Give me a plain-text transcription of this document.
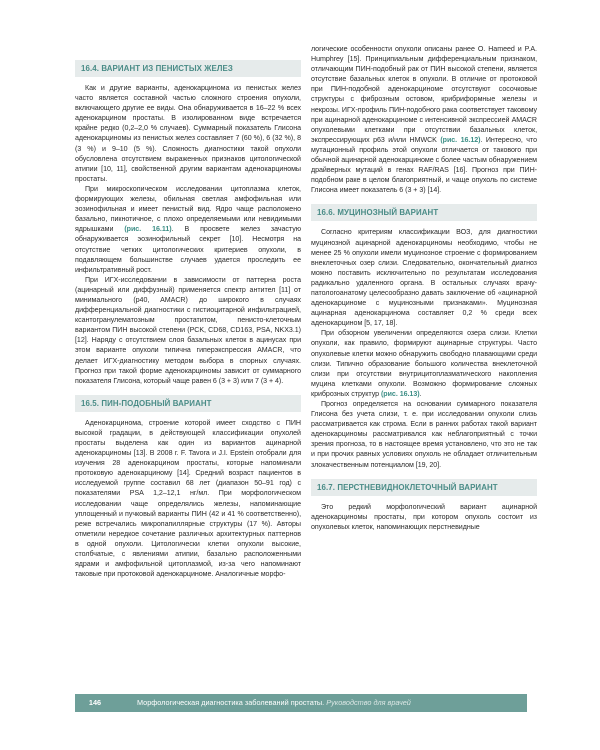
16.4. ВАРИАНТ ИЗ ПЕНИСТЫХ ЖЕЛЕЗ

Как и другие варианты, аденокарцинома из пенистых желез часто является составной частью сложного строения опухоли, включающего другие ее виды. Она обнаруживается в 16–22 % всех аденокарцином простаты. В изолированном виде встречается крайне редко (0,2–2,0 % случаев). Суммарный показатель Глисона аденокарциномы из пенистых желез составляет 7 (60 %), 6 (32 %), 8 (3 %) и 9–10 (5 %). Сложность диагностики такой опухоли обусловлена отсутствием выраженных признаков цитологической атипии [10, 11], свойственной другим вариантам аденокарциномы простаты.

При микроскопическом исследовании цитоплазма клеток, формирующих железы, обильная светлая амфофильная или эозинофильная и имеет пенистый вид. Ядро чаще расположено базально, пикнотичное, с плохо определяемыми или невидимыми ядрышками (рис. 16.11). В просвете желез зачастую обнаруживается эозинофильный секрет [10]. Несмотря на отсутствие четких цитологических критериев опухоли, в подавляющем большинстве случаев удается проследить ее инфильтративный рост.

При ИГХ-исследовании в зависимости от паттерна роста (ацинарный или диффузный) применяется спектр антител [11] от минимального (p40, AMACR) до широкого в случаях дифференциальной диагностики с гистиоцитарной инфильтрацией, ксантогранулематозным простатитом, пенисто-клеточным вариантом ПИН высокой степени (PCK, CD68, CD163, PSA, NKX3.1) [12]. Наряду с отсутствием слоя базальных клеток в ацинусах при этом варианте опухоли типична гиперэкспрессия AMACR, что делает ИГХ-диагностику методом выбора в спорных случаях. Прогноз при такой форме аденокарциномы зависит от суммарного показателя Глисона, который чаще равен 6 (3 + 3) или 7 (3 + 4).

16.5. ПИН-ПОДОБНЫЙ ВАРИАНТ

Аденокарцинома, строение которой имеет сходство с ПИН высокой градации, в действующей классификации опухолей простаты выделена как один из вариантов ацинарной аденокарциномы [13]. В 2008 г. F. Tavora и J.I. Epstein отобрали для изучения 28 аденокарцином простаты, которые напоминали протоковую аденокарциному [14]. Средний возраст пациентов в исследуемой группе составил 68 лет (диапазон 50–91 год) с показателями PSA 1,2–12,1 нг/мл. При морфологическом исследовании чаще определялись железы, напоминающие уплощенный и пучковый варианты ПИН (42 и 41 % соответственно), реже встречались микропапиллярные структуры (17 %). Авторы отметили нередкое сочетание различных архитектурных паттернов в одной опухоли. Цитологически клетки опухоли высокие, столбчатые, с явлениями атипии, базально расположенными ядрами и амфофильной цитоплазмой, из-за чего напоминают таковые при протоковой аденокарциноме. Аналогичные морфо-

логические особенности опухоли описаны ранее O. Hameed и P.A. Humphrey [15]. Принципиальным дифференциальным признаком, отличающим ПИН-подобный рак от ПИН высокой степени, является отсутствие базальных клеток в опухоли. В отличие от протоковой при ПИН-подобной аденокарциноме отсутствуют сосочковые структуры с фиброзным остовом, крибриформные железы и некрозы. ИГХ-профиль ПИН-подобного рака соответствует таковому при ацинарной аденокарциноме с интенсивной экспрессией AMACR опухолевыми клетками при отсутствии базальных клеток, экспрессирующих p63 и/или HMWCK (рис. 16.12). Интересно, что мутационный профиль этой опухоли отличается от такового при обычной ацинарной аденокарциноме с более частым обнаружением драйверных мутаций в генах RAF/RAS [16]. Прогноз при ПИН-подобном раке в целом благоприятный, и чаще опухоль по системе Глисона имеет показатель 6 (3 + 3) [14].

16.6. МУЦИНОЗНЫЙ ВАРИАНТ

Согласно критериям классификации ВОЗ, для диагностики муцинозной ацинарной аденокарциномы необходимо, чтобы не менее 25 % опухоли имели муцинозное строение с формированием внеклеточных озер слизи. Следовательно, окончательный диагноз можно поставить исключительно по результатам исследования радикально удаленного органа. В остальных случаях врачу-патологоанатому целесообразно давать заключение об «ацинарной аденокарциноме с муцинозными признаками». Муцинозная ацинарная аденокарцинома составляет 0,2 % среди всех аденокарцином [5, 17, 18].

При обзорном увеличении определяются озера слизи. Клетки опухоли, как правило, формируют ацинарные структуры. Часто опухолевые клетки можно обнаружить свободно плавающими среди слизи. Типично образование большого количества внеклеточной слизи при отсутствии внутрицитоплазматического накопления муцина клетками опухоли. Возможно формирование сложных криброзных структур (рис. 16.13).

Прогноз определяется на основании суммарного показателя Глисона без учета слизи, т. е. при исследовании опухоли слизь рассматривается как строма. Если в ранних работах такой вариант аденокарциномы рассматривался как неблагоприятный с точки зрения прогноза, то в настоящее время установлено, что это не так и при прочих равных условиях опухоль не обладает отличительным злокачественным потенциалом [19, 20].

16.7. ПЕРСТНЕВИДНОКЛЕТОЧНЫЙ ВАРИАНТ

Это редкий морфологический вариант ацинарной аденокарциномы простаты, при котором опухоль состоит из опухолевых клеток, напоминающих перстневидные

146	Морфологическая диагностика заболеваний простаты. Руководство для врачей
